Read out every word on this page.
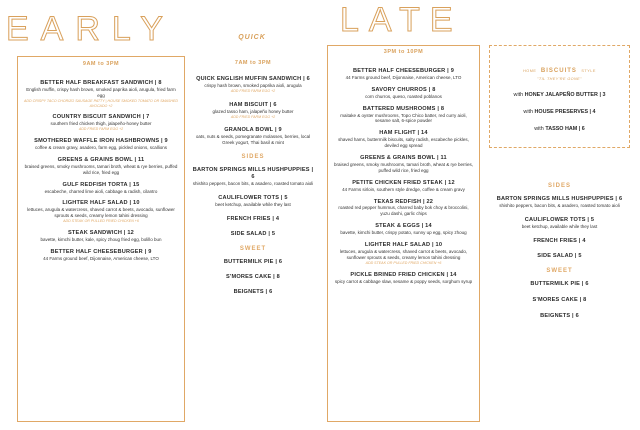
EARLY	LATE
QUICK
9AM to 3PM
BETTER HALF BREAKFAST SANDWICH | 8
English muffin, crispy hash brown, smoked paprika aioli, arugula, fried farm egg
ADD CRISPY TACO CHORIZO SAUSAGE PATTY | HOUSE SMOKED TOMATO OR SMASHED AVOCADO +2
COUNTRY BISCUIT SANDWICH | 7
southern fried chicken thigh, jalapeño-honey butter
ADD FRIED FARM EGG +2
SMOTHERED WAFFLE IRON HASHBROWNS | 9
coffee & cream gravy, asadero, farm egg, pickled onions, scallions
GREENS & GRAINS BOWL | 11
braised greens, smoky mushrooms, tamari broth, wheat & rye berries, puffed wild rice, fried egg
GULF REDFISH TORTA | 15
escabeche, charred lime aioli, cabbage & radish, cilantro
LIGHTER HALF SALAD | 10
lettuces, arugula & watercress, shaved carrot & beets, avocado, sunflower sprouts & seeds, creamy lemon tahini dressing
ADD STEAK OR PULLED FRIED CHICKEN +6
STEAK SANDWICH | 12
bavette, kimchi butter, kale, spicy zhoug fried egg, bolillo bun
BETTER HALF CHEESEBURGER | 9
44 Farms ground beef, Dijonnaise, American cheese, LTO
7AM to 3PM
QUICK ENGLISH MUFFIN SANDWICH | 6
crispy hash brown, smoked paprika aioli, arugula
ADD FRIED FARM EGG +2
HAM BISCUIT | 6
glazed tasso ham, jalapeño honey butter
ADD FRIED FARM EGG +2
GRANOLA BOWL | 9
oats, nuts & seeds, pomegranate molasses, berries, local Greek yogurt, Thai basil & mint
SIDES
BARTON SPRINGS MILLS HUSHPUPPIES | 6
shishito peppers, bacon bits, & asadero, roasted tomato aioli
CAULIFLOWER TOTS | 5
beet ketchup, available while they last
FRENCH FRIES | 4
SIDE SALAD | 5
SWEET
BUTTERMILK PIE | 6
S'MORES CAKE | 8
BEIGNETS | 6
3PM to 10PM
BETTER HALF CHEESEBURGER | 9
44 Farms ground beef, Dijonnaise, American cheese, LTO
SAVORY CHURROS | 8
corn churros, queso, roasted poblanos
BATTERED MUSHROOMS | 8
maitake & oyster mushrooms, Topo Chico batter, red curry aioli, sesame salt, 6-spice powder
HAM FLIGHT | 14
shaved hams, buttermilk biscuits, salty radish, escabeche pickles, deviled egg spread
GREENS & GRAINS BOWL | 11
braised greens, smoky mushrooms, tamari broth, wheat & rye berries, puffed wild rice, fried egg
PETITE CHICKEN FRIED STEAK | 12
44 Farms sirloin, southern style dredge, coffee & cream gravy
TEXAS REDFISH | 22
roasted red pepper hummus, charred baby bok choy & broccolini, yuzu dashi, garlic chips
STEAK & EGGS | 14
bavette, kimchi butter, crispy potato, sunny up egg, spicy zhoug
LIGHTER HALF SALAD | 10
lettuces, arugula & watercress, shaved carrot & beets, avocado, sunflower sprouts & seeds, creamy lemon tahini dressing
ADD STEAK OR PULLED FRIED CHICKEN +6
PICKLE BRINED FRIED CHICKEN | 14
spicy carrot & cabbage slaw, sesame & poppy seeds, sorghum syrup
HOME BISCUITS STYLE
"TIL THEY'RE GONE"
with HONEY JALAPEÑO BUTTER | 3
with HOUSE PRESERVES | 4
with TASSO HAM | 6
SIDES
BARTON SPRINGS MILLS HUSHPUPPIES | 6
shishito peppers, bacon bits, & asadero, roasted tomato aioli
CAULIFLOWER TOTS | 5
beet ketchup, available while they last
FRENCH FRIES | 4
SIDE SALAD | 5
SWEET
BUTTERMILK PIE | 6
S'MORES CAKE | 8
BEIGNETS | 6
